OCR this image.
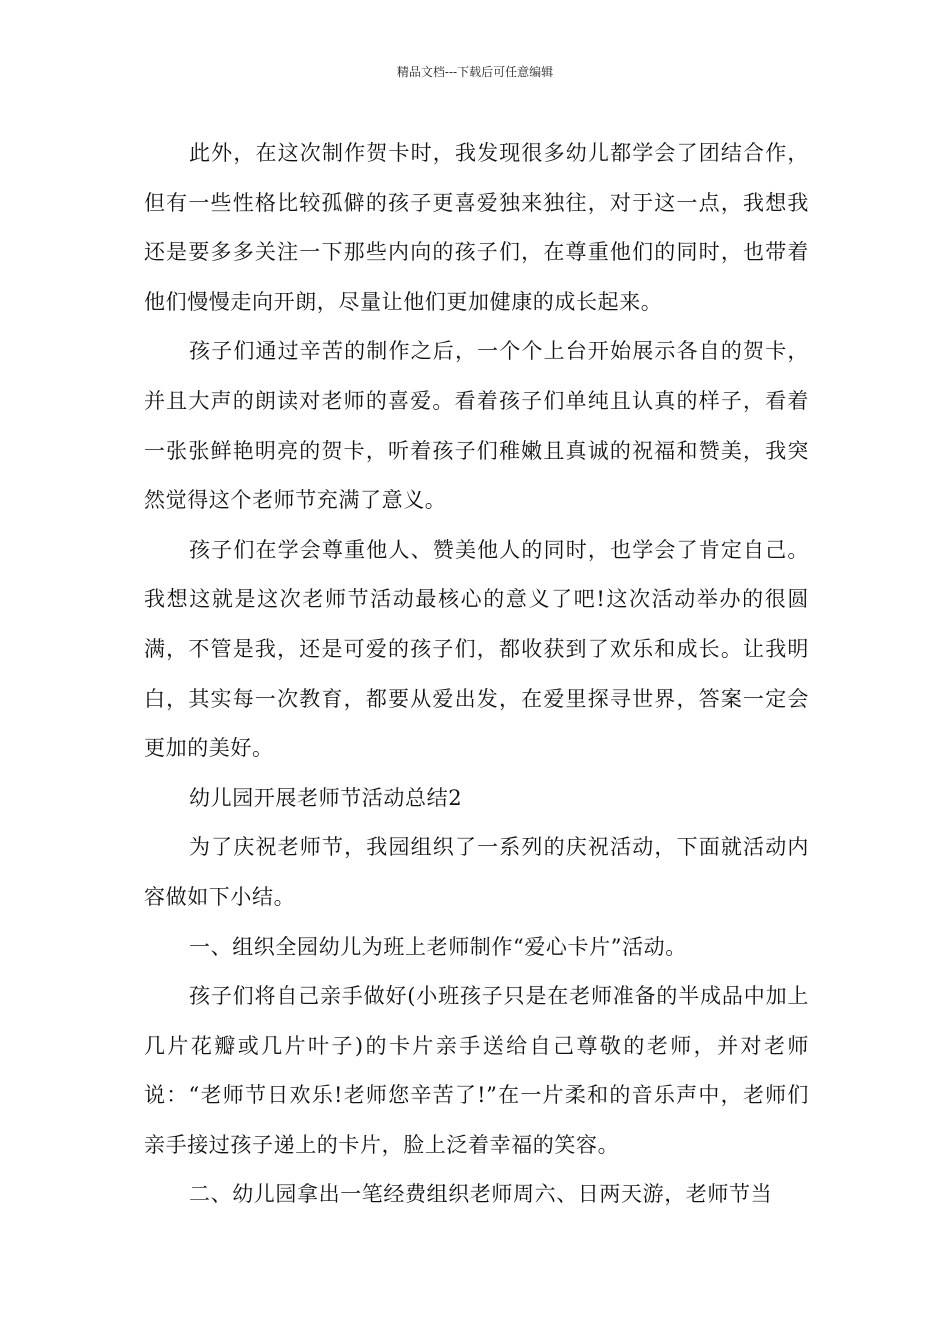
精品文档---下载后可任意编辑

此外，在这次制作贺卡时，我发现很多幼儿都学会了团结合作，但有一些性格比较孤僻的孩子更喜爱独来独往，对于这一点，我想我还是要多多关注一下那些内向的孩子们，在尊重他们的同时，也带着他们慢慢走向开朗，尽量让他们更加健康的成长起来。

孩子们通过辛苦的制作之后，一个个上台开始展示各自的贺卡，并且大声的朗读对老师的喜爱。看着孩子们单纯且认真的样子，看着一张张鲜艳明亮的贺卡，听着孩子们稚嫩且真诚的祝福和赞美，我突然觉得这个老师节充满了意义。

孩子们在学会尊重他人、赞美他人的同时，也学会了肯定自己。我想这就是这次老师节活动最核心的意义了吧!这次活动举办的很圆满，不管是我，还是可爱的孩子们，都收获到了欢乐和成长。让我明白，其实每一次教育，都要从爱出发，在爱里探寻世界，答案一定会更加的美好。

幼儿园开展老师节活动总结2

为了庆祝老师节，我园组织了一系列的庆祝活动，下面就活动内容做如下小结。

一、组织全园幼儿为班上老师制作“爱心卡片”活动。

孩子们将自己亲手做好(小班孩子只是在老师准备的半成品中加上几片花瓣或几片叶子)的卡片亲手送给自己尊敬的老师，并对老师说：“老师节日欢乐!老师您辛苦了!”在一片柔和的音乐声中，老师们亲手接过孩子递上的卡片，脸上泛着幸福的笑容。

二、幼儿园拿出一笔经费组织老师周六、日两天游，老师节当
